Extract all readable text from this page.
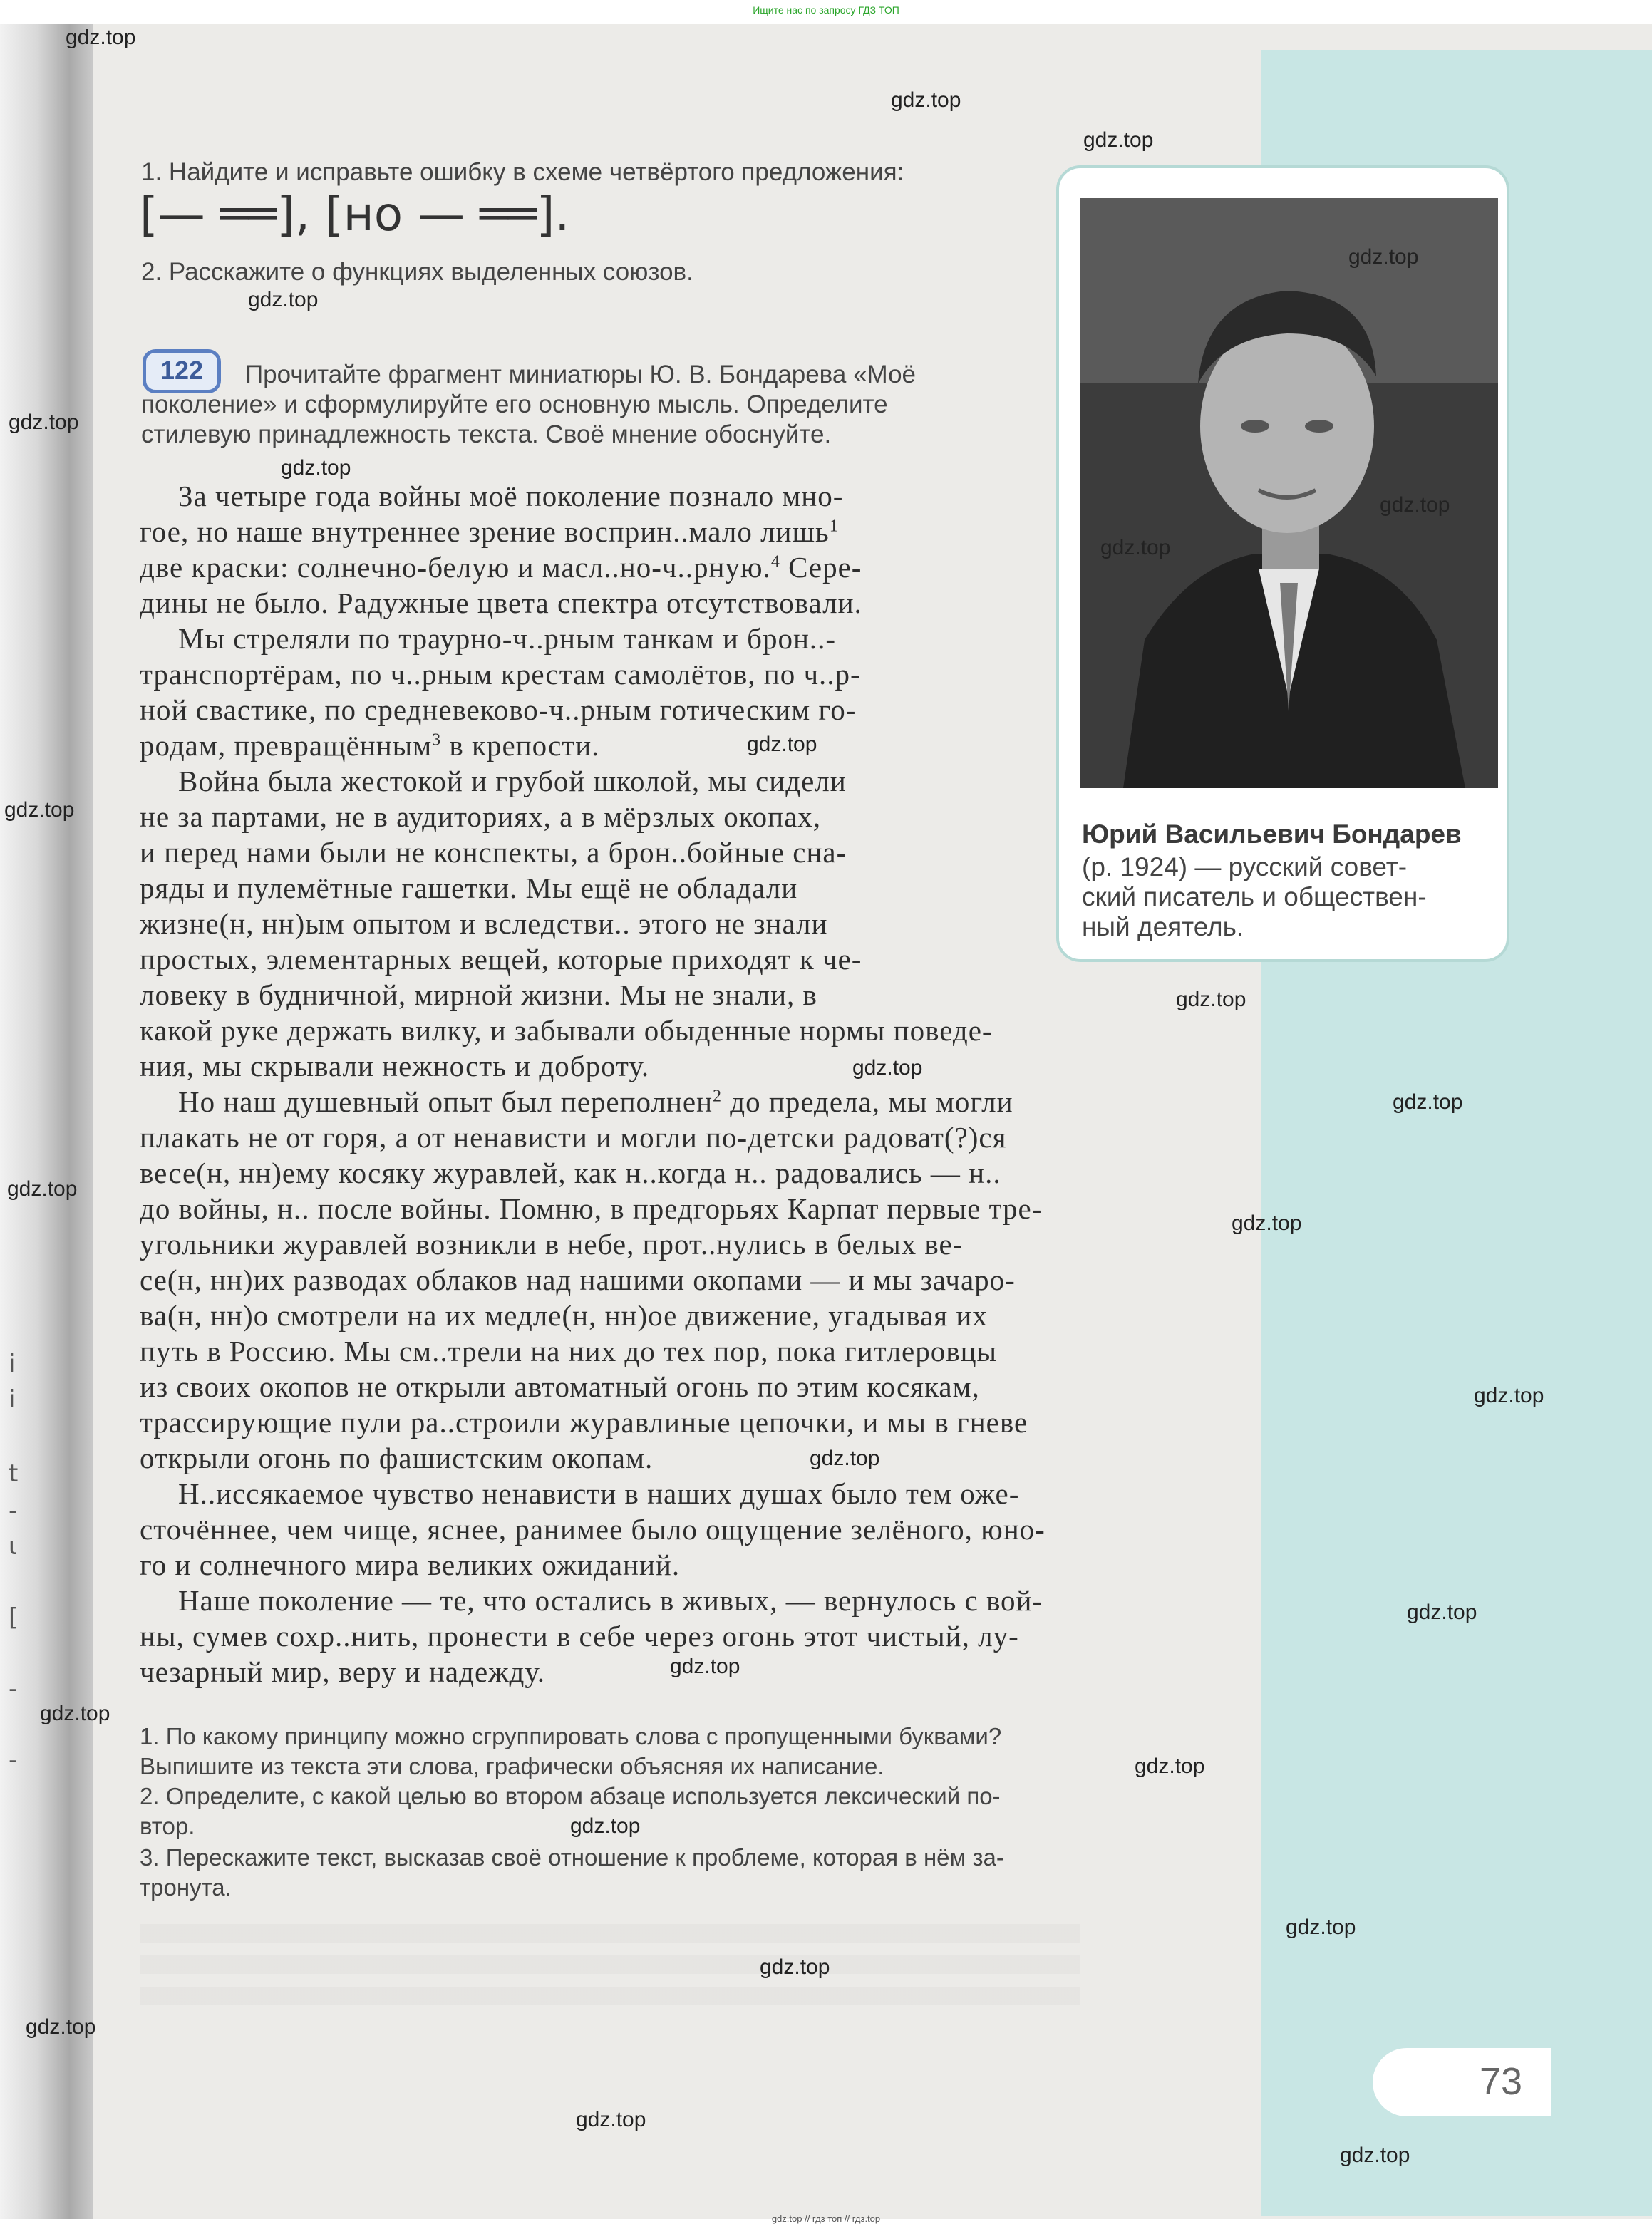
Ищите нас по запросу ГДЗ ТОП
1. Найдите и исправьте ошибку в схеме четвёртого предложения:
[— ══], [но — ══].
2. Расскажите о функциях выделенных союзов.
122	Прочитайте фрагмент миниатюры Ю. В. Бондарева «Моё
поколение» и сформулируйте его основную мысль. Определите
стилевую принадлежность текста. Своё мнение обоснуйте.
За четыре года войны моё поколение познало мно-
гое, но наше внутреннее зрение восприн..мало лишь$^1$
две краски: солнечно-белую и масл..но-ч..рную.$^4$ Сере-
дины не было. Радужные цвета спектра отсутствовали.
Мы стреляли по траурно-ч..рным танкам и брон..-
транспортёрам, по ч..рным крестам самолётов, по ч..р-
ной свастике, по средневеково-ч..рным готическим го-
родам, превращённым$^3$ в крепости.
Война была жестокой и грубой школой, мы сидели
не за партами, не в аудиториях, а в мёрзлых окопах,
и перед нами были не конспекты, а брон..бойные сна-
ряды и пулемётные гашетки. Мы ещё не обладали
жизне(н, нн)ым опытом и вследстви.. этого не знали
простых, элементарных вещей, которые приходят к че-
ловеку в будничной, мирной жизни. Мы не знали, в
какой руке держать вилку, и забывали обыденные нормы поведе-
ния, мы скрывали нежность и доброту.
Но наш душевный опыт был переполнен$^2$ до предела, мы могли
плакать не от горя, а от ненависти и могли по-детски радоват(?)ся
весе(н, нн)ему косяку журавлей, как н..когда н.. радовались — н..
до войны, н.. после войны. Помню, в предгорьях Карпат первые тре-
угольники журавлей возникли в небе, прот..нулись в белых ве-
се(н, нн)их разводах облаков над нашими окопами — и мы зачаро-
ва(н, нн)о смотрели на их медле(н, нн)ое движение, угадывая их
путь в Россию. Мы см..трели на них до тех пор, пока гитлеровцы
из своих окопов не открыли автоматный огонь по этим косякам,
трассирующие пули ра..строили журавлиные цепочки, и мы в гневе
открыли огонь по фашистским окопам.
Н..иссякаемое чувство ненависти в наших душах было тем оже-
сточённее, чем чище, яснее, ранимее было ощущение зелёного, юно-
го и солнечного мира великих ожиданий.
Наше поколение — те, что остались в живых, — вернулось с вой-
ны, сумев сохр..нить, пронести в себе через огонь этот чистый, лу-
чезарный мир, веру и надежду.
1. По какому принципу можно сгруппировать слова с пропущенными буквами?
Выпишите из текста эти слова, графически объясняя их написание.
2. Определите, с какой целью во втором абзаце используется лексический по-
втор.
3. Перескажите текст, высказав своё отношение к проблеме, которая в нём за-
тронута.
Юрий Васильевич Бондарев
(р. 1924) — русский совет-
ский писатель и обществен-
ный деятель.
73
i
i
t
-
ι
[
-
-
gdz.top
gdz.top
gdz.top
gdz.top
gdz.top
gdz.top
gdz.top
gdz.top
gdz.top
gdz.top
gdz.top
gdz.top
gdz.top
gdz.top
gdz.top
gdz.top
gdz.top
gdz.top
gdz.top
gdz.top
gdz.top
gdz.top
gdz.top
gdz.top
gdz.top
gdz.top
gdz.top
gdz.top
gdz.top // гдз топ // гдз.top
